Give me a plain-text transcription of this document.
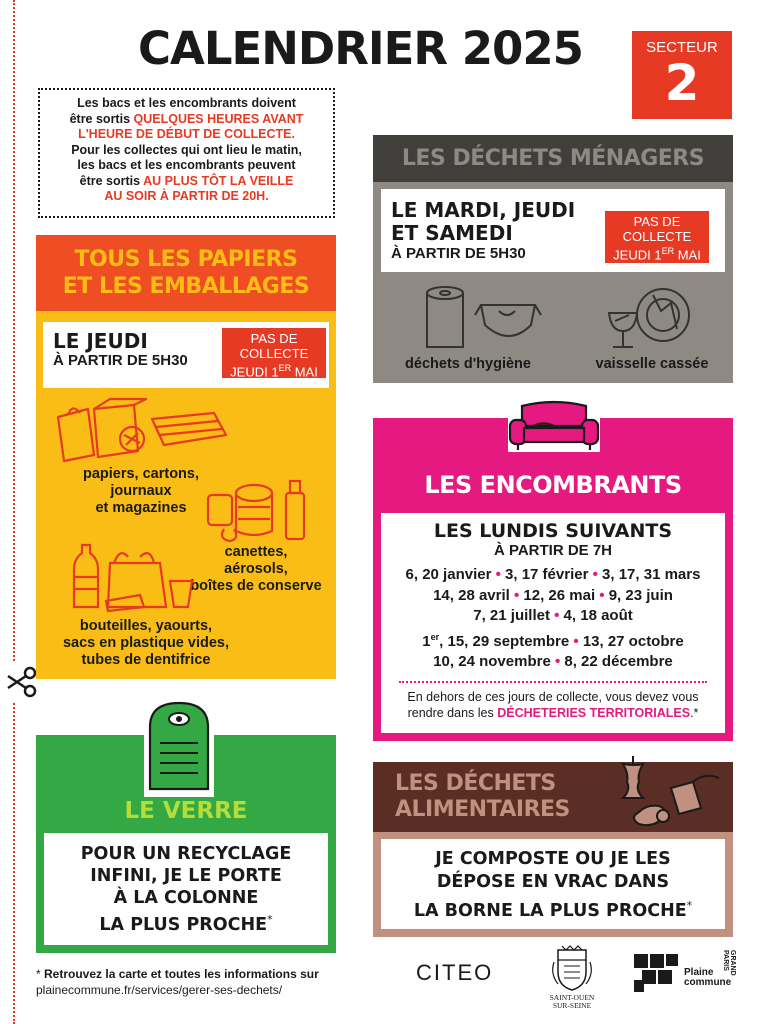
CALENDRIER 2025	SECTEUR
2
Les bacs et les encombrants doivent
être sortis QUELQUES HEURES AVANT
L'HEURE DE DÉBUT DE COLLECTE.
Pour les collectes qui ont lieu le matin,
les bacs et les encombrants peuvent
être sortis AU PLUS TÔT LA VEILLE
AU SOIR À PARTIR DE 20H.
TOUS LES PAPIERS
ET LES EMBALLAGES
LE JEUDI
À PARTIR DE 5H30
PAS DE
COLLECTE
JEUDI 1ER MAI
papiers, cartons,
journaux
et magazines
canettes,
aérosols,
boîtes de conserve
bouteilles, yaourts,
sacs en plastique vides,
tubes de dentifrice
LES DÉCHETS MÉNAGERS
LE MARDI, JEUDI
ET SAMEDI
À PARTIR DE 5H30
PAS DE
COLLECTE
JEUDI 1ER MAI
déchets d'hygiène	vaisselle cassée
LES ENCOMBRANTS
LES LUNDIS SUIVANTS
À PARTIR DE 7H
6, 20 janvier • 3, 17 février • 3, 17, 31 mars
14, 28 avril • 12, 26 mai • 9, 23 juin
7, 21 juillet • 4, 18 août
1er, 15, 29 septembre • 13, 27 octobre
10, 24 novembre • 8, 22 décembre
En dehors de ces jours de collecte, vous devez vous
rendre dans les DÉCHETERIES TERRITORIALES.*
LE VERRE
POUR UN RECYCLAGE
INFINI, JE LE PORTE
À LA COLONNE
LA PLUS PROCHE*
LES DÉCHETS
ALIMENTAIRES
JE COMPOSTE OU JE LES
DÉPOSE EN VRAC DANS
LA BORNE LA PLUS PROCHE*
* Retrouvez la carte et toutes les informations sur
plainecommune.fr/services/gerer-ses-dechets/
CITEO
SAINT-OUEN
SUR-SEINE
Plaine
commune
GRAND PARIS
